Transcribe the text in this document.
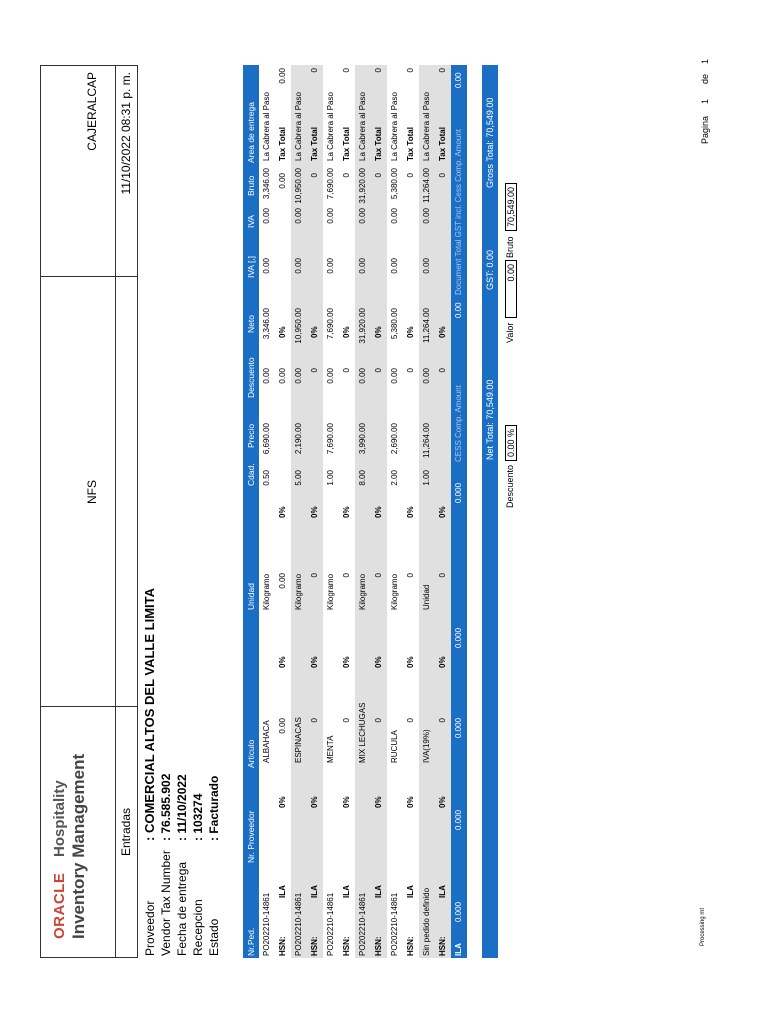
ORACLE
Hospitality Inventory Management
NFS
CAJERALCAP
Entradas
11/10/2022 08:31 p. m.
Proveedor: COMERCIAL ALTOS DEL VALLE LIMITA
Vendor Tax Number: 76.585.902
Fecha de entrega: 11/10/2022
Recepcion: 103274
Estado: Facturado
Nr.Ped.
Nr. Proveedor
Articulo
Unidad
Cdad.
Precio
Descuento
Neto
IVA [,]
IVA
Bruto
Area de entrega
PO202210-14861
ALBAHACA
Kilogramo
0.50
6,690.00
0.00
3,346.00
0.00
0.00
3,346.00
La Cabrera al Paso
HSN:
ILA
0%
0.00
0%
0.00
0%
0.00
0%
0.00
Tax Total
0.00
PO202210-14861
ESPINACAS
Kilogramo
5.00
2,190.00
0.00
10,950.00
0.00
0.00
10,950.00
La Cabrera al Paso
HSN:
ILA
0%
0
0%
0
0%
0
0%
0
Tax Total
0
PO202210-14861
MENTA
Kilogramo
1.00
7,690.00
0.00
7,690.00
0.00
0.00
7,690.00
La Cabrera al Paso
HSN:
ILA
0%
0
0%
0
0%
0
0%
0
Tax Total
0
PO202210-14861
MIX LECHUGAS
Kilogramo
8.00
3,990.00
0.00
31,920.00
0.00
0.00
31,920.00
La Cabrera al Paso
HSN:
ILA
0%
0
0%
0
0%
0
0%
0
Tax Total
0
PO202210-14861
RUCULA
Kilogramo
2.00
2,690.00
0.00
5,380.00
0.00
0.00
5,380.00
La Cabrera al Paso
HSN:
ILA
0%
0
0%
0
0%
0
0%
0
Tax Total
0
Sin pedido definido
IVA(19%)
Unidad
1.00
11,264.00
0.00
11,264.00
0.00
0.00
11,264.00
La Cabrera al Paso
HSN:
ILA
0%
0
0%
0
0%
0
0%
0
Tax Total
0
ILA
0.000
0.000
0.000
0.000
0.000
CESS Comp. Amount
0.00
Document Total GST incl. Cess Comp. Amount
0.00
Net Total: 70,549.00
GST: 0.00
Gross Total: 70,549.00
Descuento
0.00 %
Valor
0.00
Bruto
70,549.00
Processing mt
Pagina
1
de
1
